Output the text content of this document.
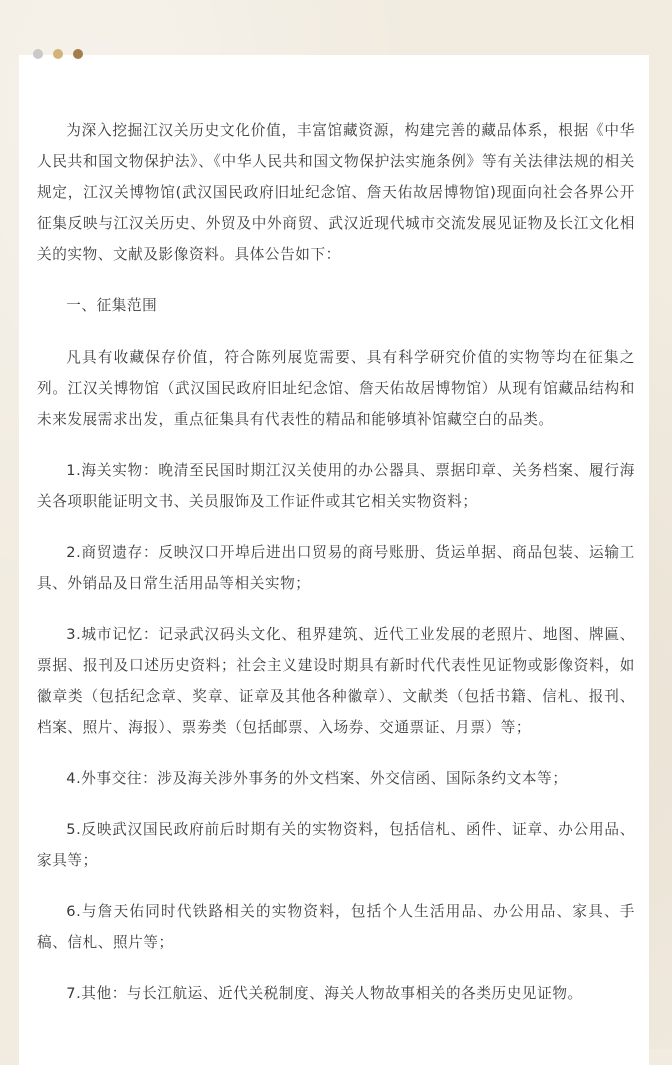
为深入挖掘江汉关历史文化价值，丰富馆藏资源，构建完善的藏品体系，根据《中华人民共和国文物保护法》、《中华人民共和国文物保护法实施条例》等有关法律法规的相关规定，江汉关博物馆(武汉国民政府旧址纪念馆、詹天佑故居博物馆)现面向社会各界公开征集反映与江汉关历史、外贸及中外商贸、武汉近现代城市交流发展见证物及长江文化相关的实物、文献及影像资料。具体公告如下：

一、征集范围

凡具有收藏保存价值，符合陈列展览需要、具有科学研究价值的实物等均在征集之列。江汉关博物馆（武汉国民政府旧址纪念馆、詹天佑故居博物馆）从现有馆藏品结构和未来发展需求出发，重点征集具有代表性的精品和能够填补馆藏空白的品类。

1.海关实物：晚清至民国时期江汉关使用的办公器具、票据印章、关务档案、履行海关各项职能证明文书、关员服饰及工作证件或其它相关实物资料；

2.商贸遗存：反映汉口开埠后进出口贸易的商号账册、货运单据、商品包装、运输工具、外销品及日常生活用品等相关实物；

3.城市记忆：记录武汉码头文化、租界建筑、近代工业发展的老照片、地图、牌匾、票据、报刊及口述历史资料；社会主义建设时期具有新时代代表性见证物或影像资料，如徽章类（包括纪念章、奖章、证章及其他各种徽章）、文献类（包括书籍、信札、报刊、档案、照片、海报）、票劵类（包括邮票、入场券、交通票证、月票）等；

4.外事交往：涉及海关涉外事务的外文档案、外交信函、国际条约文本等；

5.反映武汉国民政府前后时期有关的实物资料，包括信札、函件、证章、办公用品、家具等；

6.与詹天佑同时代铁路相关的实物资料，包括个人生活用品、办公用品、家具、手稿、信札、照片等；

7.其他：与长江航运、近代关税制度、海关人物故事相关的各类历史见证物。
